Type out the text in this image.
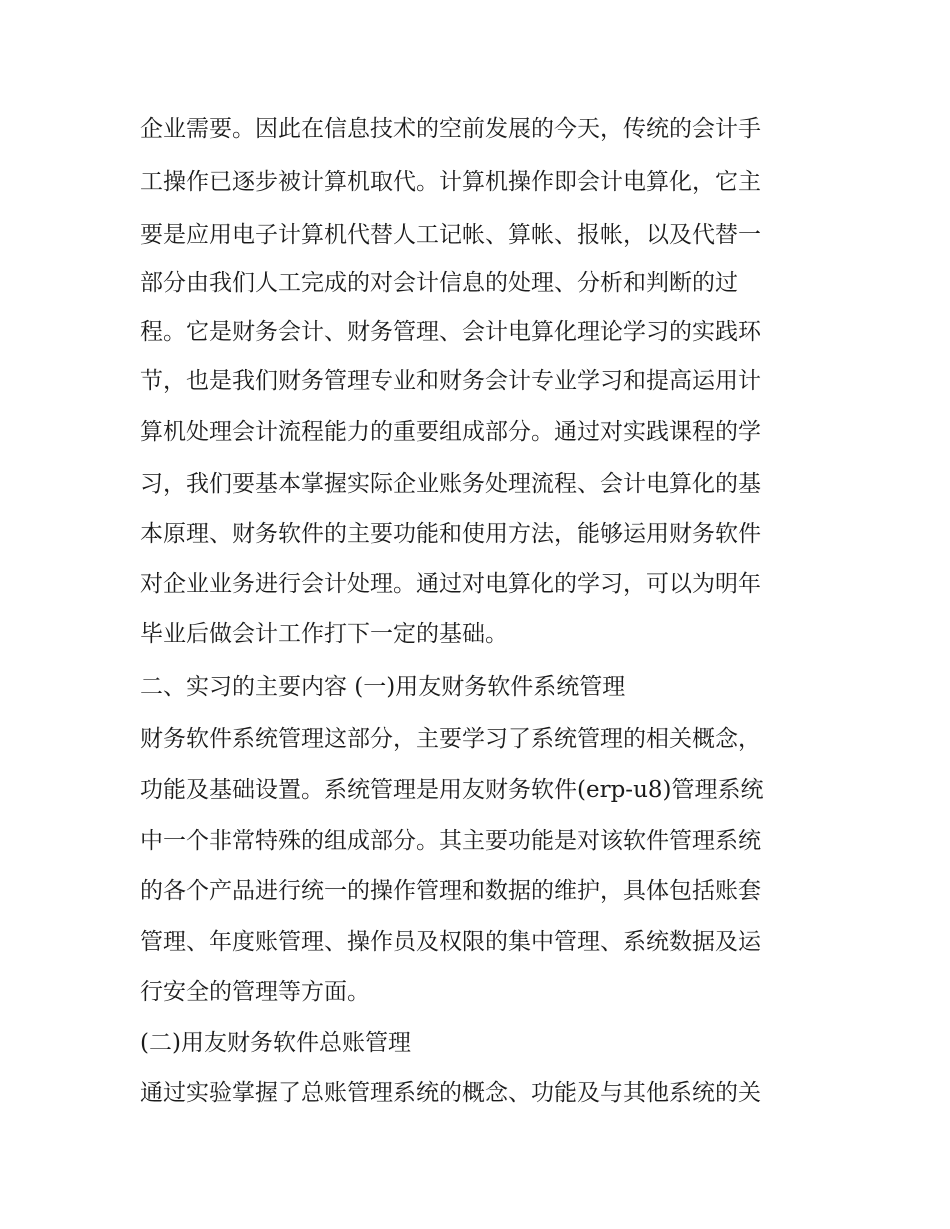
企业需要。因此在信息技术的空前发展的今天，传统的会计手
工操作已逐步被计算机取代。计算机操作即会计电算化，它主
要是应用电子计算机代替人工记帐、算帐、报帐，以及代替一
部分由我们人工完成的对会计信息的处理、分析和判断的过
程。它是财务会计、财务管理、会计电算化理论学习的实践环
节，也是我们财务管理专业和财务会计专业学习和提高运用计
算机处理会计流程能力的重要组成部分。通过对实践课程的学
习，我们要基本掌握实际企业账务处理流程、会计电算化的基
本原理、财务软件的主要功能和使用方法，能够运用财务软件
对企业业务进行会计处理。通过对电算化的学习，可以为明年
毕业后做会计工作打下一定的基础。
二、实习的主要内容 (一)用友财务软件系统管理
财务软件系统管理这部分，主要学习了系统管理的相关概念，
功能及基础设置。系统管理是用友财务软件(erp-u8)管理系统
中一个非常特殊的组成部分。其主要功能是对该软件管理系统
的各个产品进行统一的操作管理和数据的维护，具体包括账套
管理、年度账管理、操作员及权限的集中管理、系统数据及运
行安全的管理等方面。
(二)用友财务软件总账管理
通过实验掌握了总账管理系统的概念、功能及与其他系统的关
